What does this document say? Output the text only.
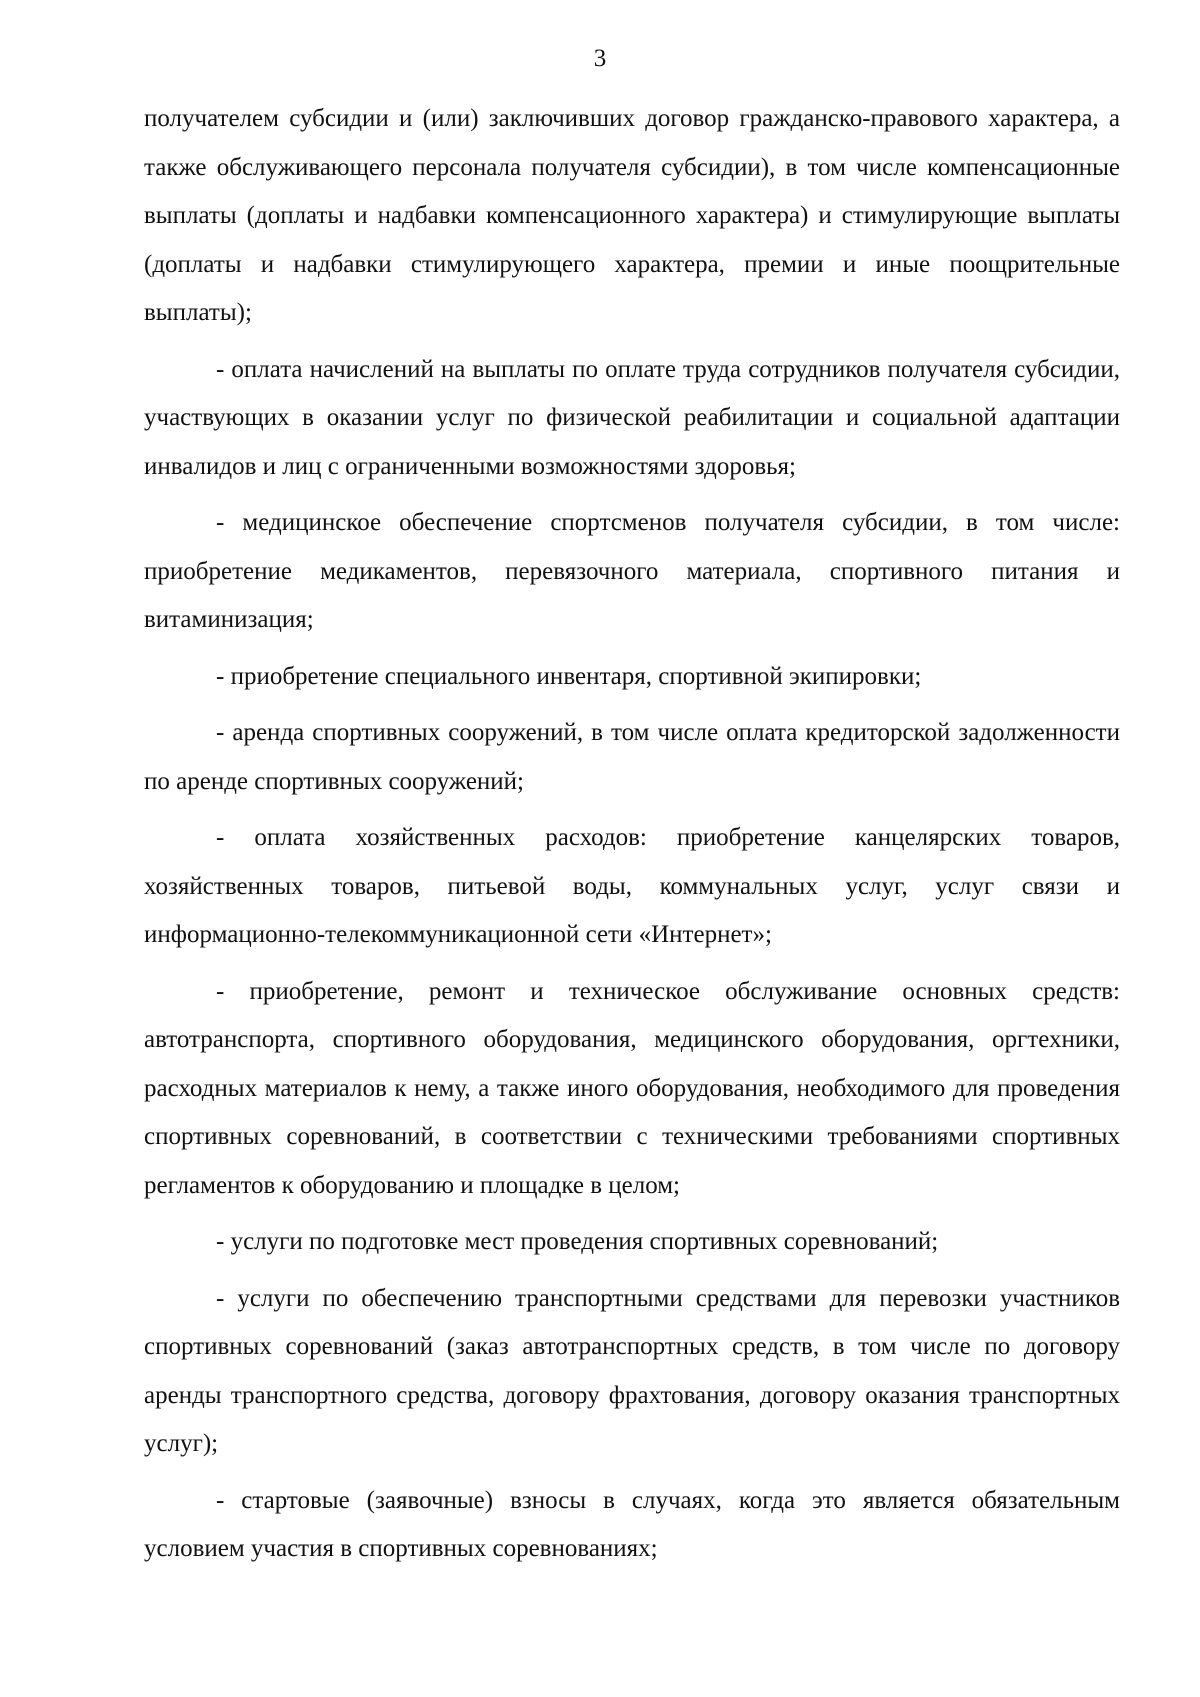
3

получателем субсидии и (или) заключивших договор гражданско-правового характера, а также обслуживающего персонала получателя субсидии), в том числе компенсационные выплаты (доплаты и надбавки компенсационного характера) и стимулирующие выплаты (доплаты и надбавки стимулирующего характера, премии и иные поощрительные выплаты);

- оплата начислений на выплаты по оплате труда сотрудников получателя субсидии, участвующих в оказании услуг по физической реабилитации и социальной адаптации инвалидов и лиц с ограниченными возможностями здоровья;

- медицинское обеспечение спортсменов получателя субсидии, в том числе: приобретение медикаментов, перевязочного материала, спортивного питания и витаминизация;

- приобретение специального инвентаря, спортивной экипировки;

- аренда спортивных сооружений, в том числе оплата кредиторской задолженности по аренде спортивных сооружений;

- оплата хозяйственных расходов: приобретение канцелярских товаров, хозяйственных товаров, питьевой воды, коммунальных услуг, услуг связи и информационно-телекоммуникационной сети «Интернет»;

- приобретение, ремонт и техническое обслуживание основных средств: автотранспорта, спортивного оборудования, медицинского оборудования, оргтехники, расходных материалов к нему, а также иного оборудования, необходимого для проведения спортивных соревнований, в соответствии с техническими требованиями спортивных регламентов к оборудованию и площадке в целом;

- услуги по подготовке мест проведения спортивных соревнований;

- услуги по обеспечению транспортными средствами для перевозки участников спортивных соревнований (заказ автотранспортных средств, в том числе по договору аренды транспортного средства, договору фрахтования, договору оказания транспортных услуг);

- стартовые (заявочные) взносы в случаях, когда это является обязательным условием участия в спортивных соревнованиях;
